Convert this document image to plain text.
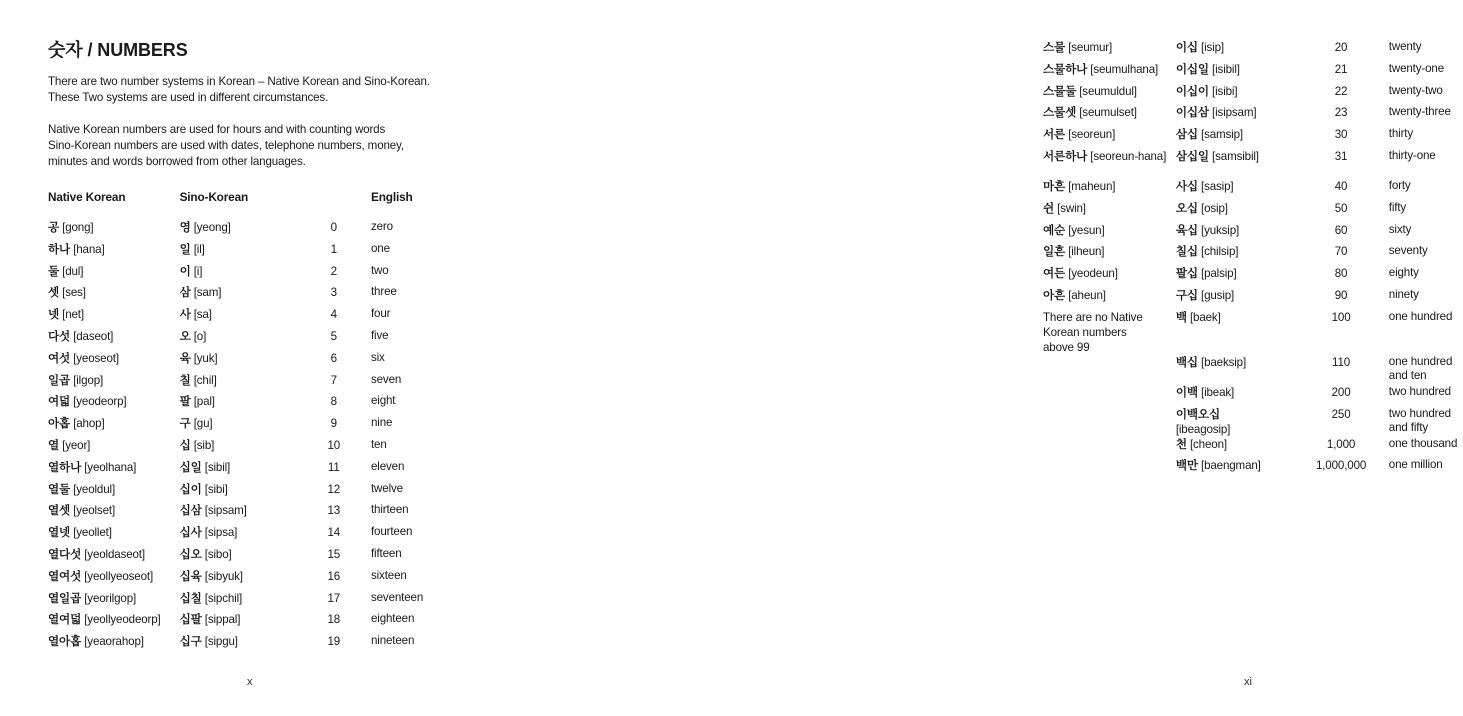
숫자 / NUMBERS

There are two number systems in Korean – Native Korean and Sino-Korean.
These Two systems are used in different circumstances.

Native Korean numbers are used for hours and with counting words
Sino-Korean numbers are used with dates, telephone numbers, money,
minutes and words borrowed from other languages.

Native Korean	Sino-Korean		English
공 [gong]	영 [yeong]	0	zero
하나 [hana]	일 [il]	1	one
둘 [dul]	이 [i]	2	two
셋 [ses]	삼 [sam]	3	three
넷 [net]	사 [sa]	4	four
다섯 [daseot]	오 [o]	5	five
여섯 [yeoseot]	육 [yuk]	6	six
일곱 [ilgop]	칠 [chil]	7	seven
여덟 [yeodeorp]	팔 [pal]	8	eight
아홉 [ahop]	구 [gu]	9	nine
열 [yeor]	십 [sib]	10	ten
열하나 [yeolhana]	십일 [sibil]	11	eleven
열둘 [yeoldul]	십이 [sibi]	12	twelve
열셋 [yeolset]	십삼 [sipsam]	13	thirteen
열넷 [yeollet]	십사 [sipsa]	14	fourteen
열다섯 [yeoldaseot]	십오 [sibo]	15	fifteen
열여섯 [yeollyeoseot]	십육 [sibyuk]	16	sixteen
열일곱 [yeorilgop]	십칠 [sipchil]	17	seventeen
열여덟 [yeollyeodeorp]	십팔 [sippal]	18	eighteen
열아홉 [yeaorahop]	십구 [sipgu]	19	nineteen
x
스물 [seumur]	이십 [isip]	20	twenty
스물하나 [seumulhana]	이십일 [isibil]	21	twenty-one
스물둘 [seumuldul]	이십이 [isibi]	22	twenty-two
스물셋 [seumulset]	이십삼 [isipsam]	23	twenty-three
서른 [seoreun]	삼십 [samsip]	30	thirty
서른하나 [seoreun-hana]	삼십일 [samsibil]	31	thirty-one
마흔 [maheun]	사십 [sasip]	40	forty
쉰 [swin]	오십 [osip]	50	fifty
예순 [yesun]	육십 [yuksip]	60	sixty
일흔 [ilheun]	칠십 [chilsip]	70	seventy
여든 [yeodeun]	팔십 [palsip]	80	eighty
아흔 [aheun]	구십 [gusip]	90	ninety
There are no Native
Korean numbers
above 99	백 [baek]	100	one hundred
	백십 [baeksip]	110	one hundred and ten
	이백 [ibeak]	200	two hundred
	이백오십
[ibeagosip]	250	two hundred and fifty
	천 [cheon]	1,000	one thousand
	백만 [baengman]	1,000,000	one million
xi
